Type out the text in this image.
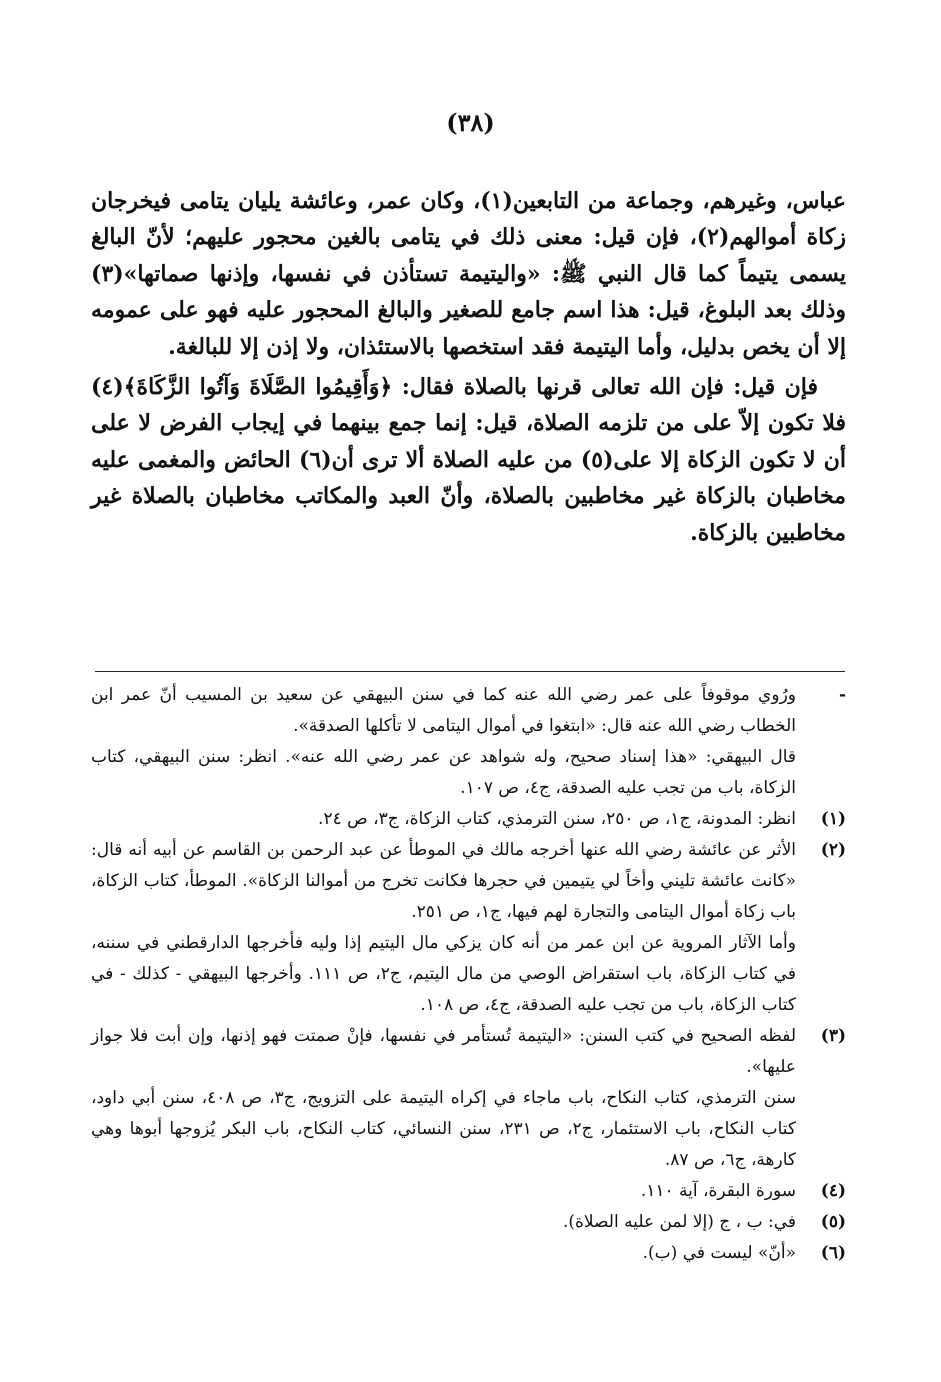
(٣٨)

عباس، وغيرهم، وجماعة من التابعين(١)، وكان عمر، وعائشة يليان يتامى فيخرجان زكاة أموالهم(٢)، فإن قيل: معنى ذلك في يتامى بالغين محجور عليهم؛ لأنّ البالغ يسمى يتيماً كما قال النبي ﷺ: «واليتيمة تستأذن في نفسها، وإذنها صماتها»(٣) وذلك بعد البلوغ، قيل: هذا اسم جامع للصغير والبالغ المحجور عليه فهو على عمومه إلا أن يخص بدليل، وأما اليتيمة فقد استخصها بالاستئذان، ولا إذن إلا للبالغة.

فإن قيل: فإن الله تعالى قرنها بالصلاة فقال: ﴿وَأَقِيمُوا الصَّلَاةَ وَآتُوا الزَّكَاةَ﴾(٤) فلا تكون إلاّ على من تلزمه الصلاة، قيل: إنما جمع بينهما في إيجاب الفرض لا على أن لا تكون الزكاة إلا على(٥) من عليه الصلاة ألا ترى أن(٦) الحائض والمغمى عليه مخاطبان بالزكاة غير مخاطبين بالصلاة، وأنّ العبد والمكاتب مخاطبان بالصلاة غير مخاطبين بالزكاة.

-
ورُوي موقوفاً على عمر رضي الله عنه كما في سنن البيهقي عن سعيد بن المسيب أنّ عمر ابن الخطاب رضي الله عنه قال: «ابتغوا في أموال اليتامى لا تأكلها الصدقة».
قال البيهقي: «هذا إسناد صحيح، وله شواهد عن عمر رضي الله عنه». انظر: سنن البيهقي، كتاب الزكاة، باب من تجب عليه الصدقة، ج٤، ص ١٠٧.
(١)
انظر: المدونة، ج١، ص ٢٥٠، سنن الترمذي، كتاب الزكاة، ج٣، ص ٢٤.
(٢)
الأثر عن عائشة رضي الله عنها أخرجه مالك في الموطأ عن عبد الرحمن بن القاسم عن أبيه أنه قال: «كانت عائشة تليني وأخاً لي يتيمين في حجرها فكانت تخرج من أموالنا الزكاة». الموطأ، كتاب الزكاة، باب زكاة أموال اليتامى والتجارة لهم فيها، ج١، ص ٢٥١.
وأما الآثار المروية عن ابن عمر من أنه كان يزكي مال اليتيم إذا وليه فأخرجها الدارقطني في سننه، في كتاب الزكاة، باب استقراض الوصي من مال اليتيم، ج٢، ص ١١١. وأخرجها البيهقي - كذلك - في كتاب الزكاة، باب من تجب عليه الصدقة، ج٤، ص ١٠٨.
(٣)
لفظه الصحيح في كتب السنن: «اليتيمة تُستأمر في نفسها، فإنْ صمتت فهو إذنها، وإن أبت فلا جواز عليها».
سنن الترمذي، كتاب النكاح، باب ماجاء في إكراه اليتيمة على التزويج، ج٣، ص ٤٠٨، سنن أبي داود، كتاب النكاح، باب الاستئمار، ج٢، ص ٢٣١، سنن النسائي، كتاب النكاح، باب البكر يُزوجها أبوها وهي كارهة، ج٦، ص ٨٧.
(٤)
سورة البقرة، آية ١١٠.
(٥)
في: ب ، ج (إلا لمن عليه الصلاة).
(٦)
«أنّ» ليست في (ب).
